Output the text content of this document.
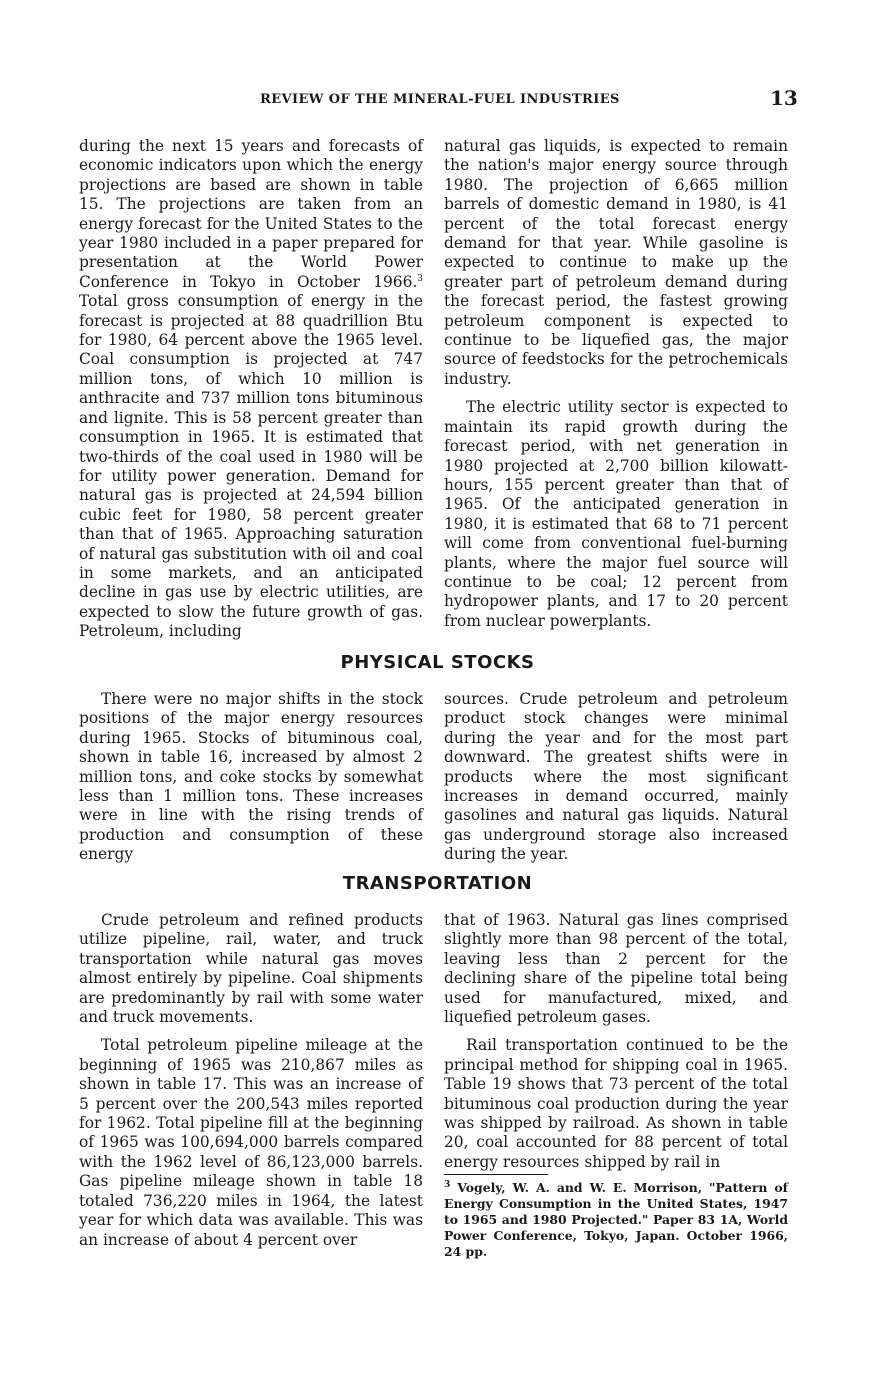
REVIEW OF THE MINERAL-FUEL INDUSTRIES	13

during the next 15 years and forecasts of economic indicators upon which the energy projections are based are shown in table 15. The projections are taken from an energy forecast for the United States to the year 1980 included in a paper prepared for presentation at the World Power Conference in Tokyo in October 1966.$^3$ Total gross consumption of energy in the forecast is projected at 88 quadrillion Btu for 1980, 64 percent above the 1965 level. Coal consumption is projected at 747 million tons, of which 10 million is anthracite and 737 million tons bituminous and lignite. This is 58 percent greater than consumption in 1965. It is estimated that two-thirds of the coal used in 1980 will be for utility power generation. Demand for natural gas is projected at 24,594 billion cubic feet for 1980, 58 percent greater than that of 1965. Approaching saturation of natural gas substitution with oil and coal in some markets, and an anticipated decline in gas use by electric utilities, are expected to slow the future growth of gas. Petroleum, including

natural gas liquids, is expected to remain the nation's major energy source through 1980. The projection of 6,665 million barrels of domestic demand in 1980, is 41 percent of the total forecast energy demand for that year. While gasoline is expected to continue to make up the greater part of petroleum demand during the forecast period, the fastest growing petroleum component is expected to continue to be liquefied gas, the major source of feedstocks for the petrochemicals industry.

The electric utility sector is expected to maintain its rapid growth during the forecast period, with net generation in 1980 projected at 2,700 billion kilowatt-hours, 155 percent greater than that of 1965. Of the anticipated generation in 1980, it is estimated that 68 to 71 percent will come from conventional fuel-burning plants, where the major fuel source will continue to be coal; 12 percent from hydropower plants, and 17 to 20 percent from nuclear powerplants.

PHYSICAL STOCKS

There were no major shifts in the stock positions of the major energy resources during 1965. Stocks of bituminous coal, shown in table 16, increased by almost 2 million tons, and coke stocks by somewhat less than 1 million tons. These increases were in line with the rising trends of production and consumption of these energy

sources. Crude petroleum and petroleum product stock changes were minimal during the year and for the most part downward. The greatest shifts were in products where the most significant increases in demand occurred, mainly gasolines and natural gas liquids. Natural gas underground storage also increased during the year.

TRANSPORTATION

Crude petroleum and refined products utilize pipeline, rail, water, and truck transportation while natural gas moves almost entirely by pipeline. Coal shipments are predominantly by rail with some water and truck movements.

Total petroleum pipeline mileage at the beginning of 1965 was 210,867 miles as shown in table 17. This was an increase of 5 percent over the 200,543 miles reported for 1962. Total pipeline fill at the beginning of 1965 was 100,694,000 barrels compared with the 1962 level of 86,123,000 barrels. Gas pipeline mileage shown in table 18 totaled 736,220 miles in 1964, the latest year for which data was available. This was an increase of about 4 percent over

that of 1963. Natural gas lines comprised slightly more than 98 percent of the total, leaving less than 2 percent for the declining share of the pipeline total being used for manufactured, mixed, and liquefied petroleum gases.

Rail transportation continued to be the principal method for shipping coal in 1965. Table 19 shows that 73 percent of the total bituminous coal production during the year was shipped by railroad. As shown in table 20, coal accounted for 88 percent of total energy resources shipped by rail in

$^3$ Vogely, W. A. and W. E. Morrison, "Pattern of Energy Consumption in the United States, 1947 to 1965 and 1980 Projected." Paper 83 1A, World Power Conference, Tokyo, Japan. October 1966, 24 pp.
